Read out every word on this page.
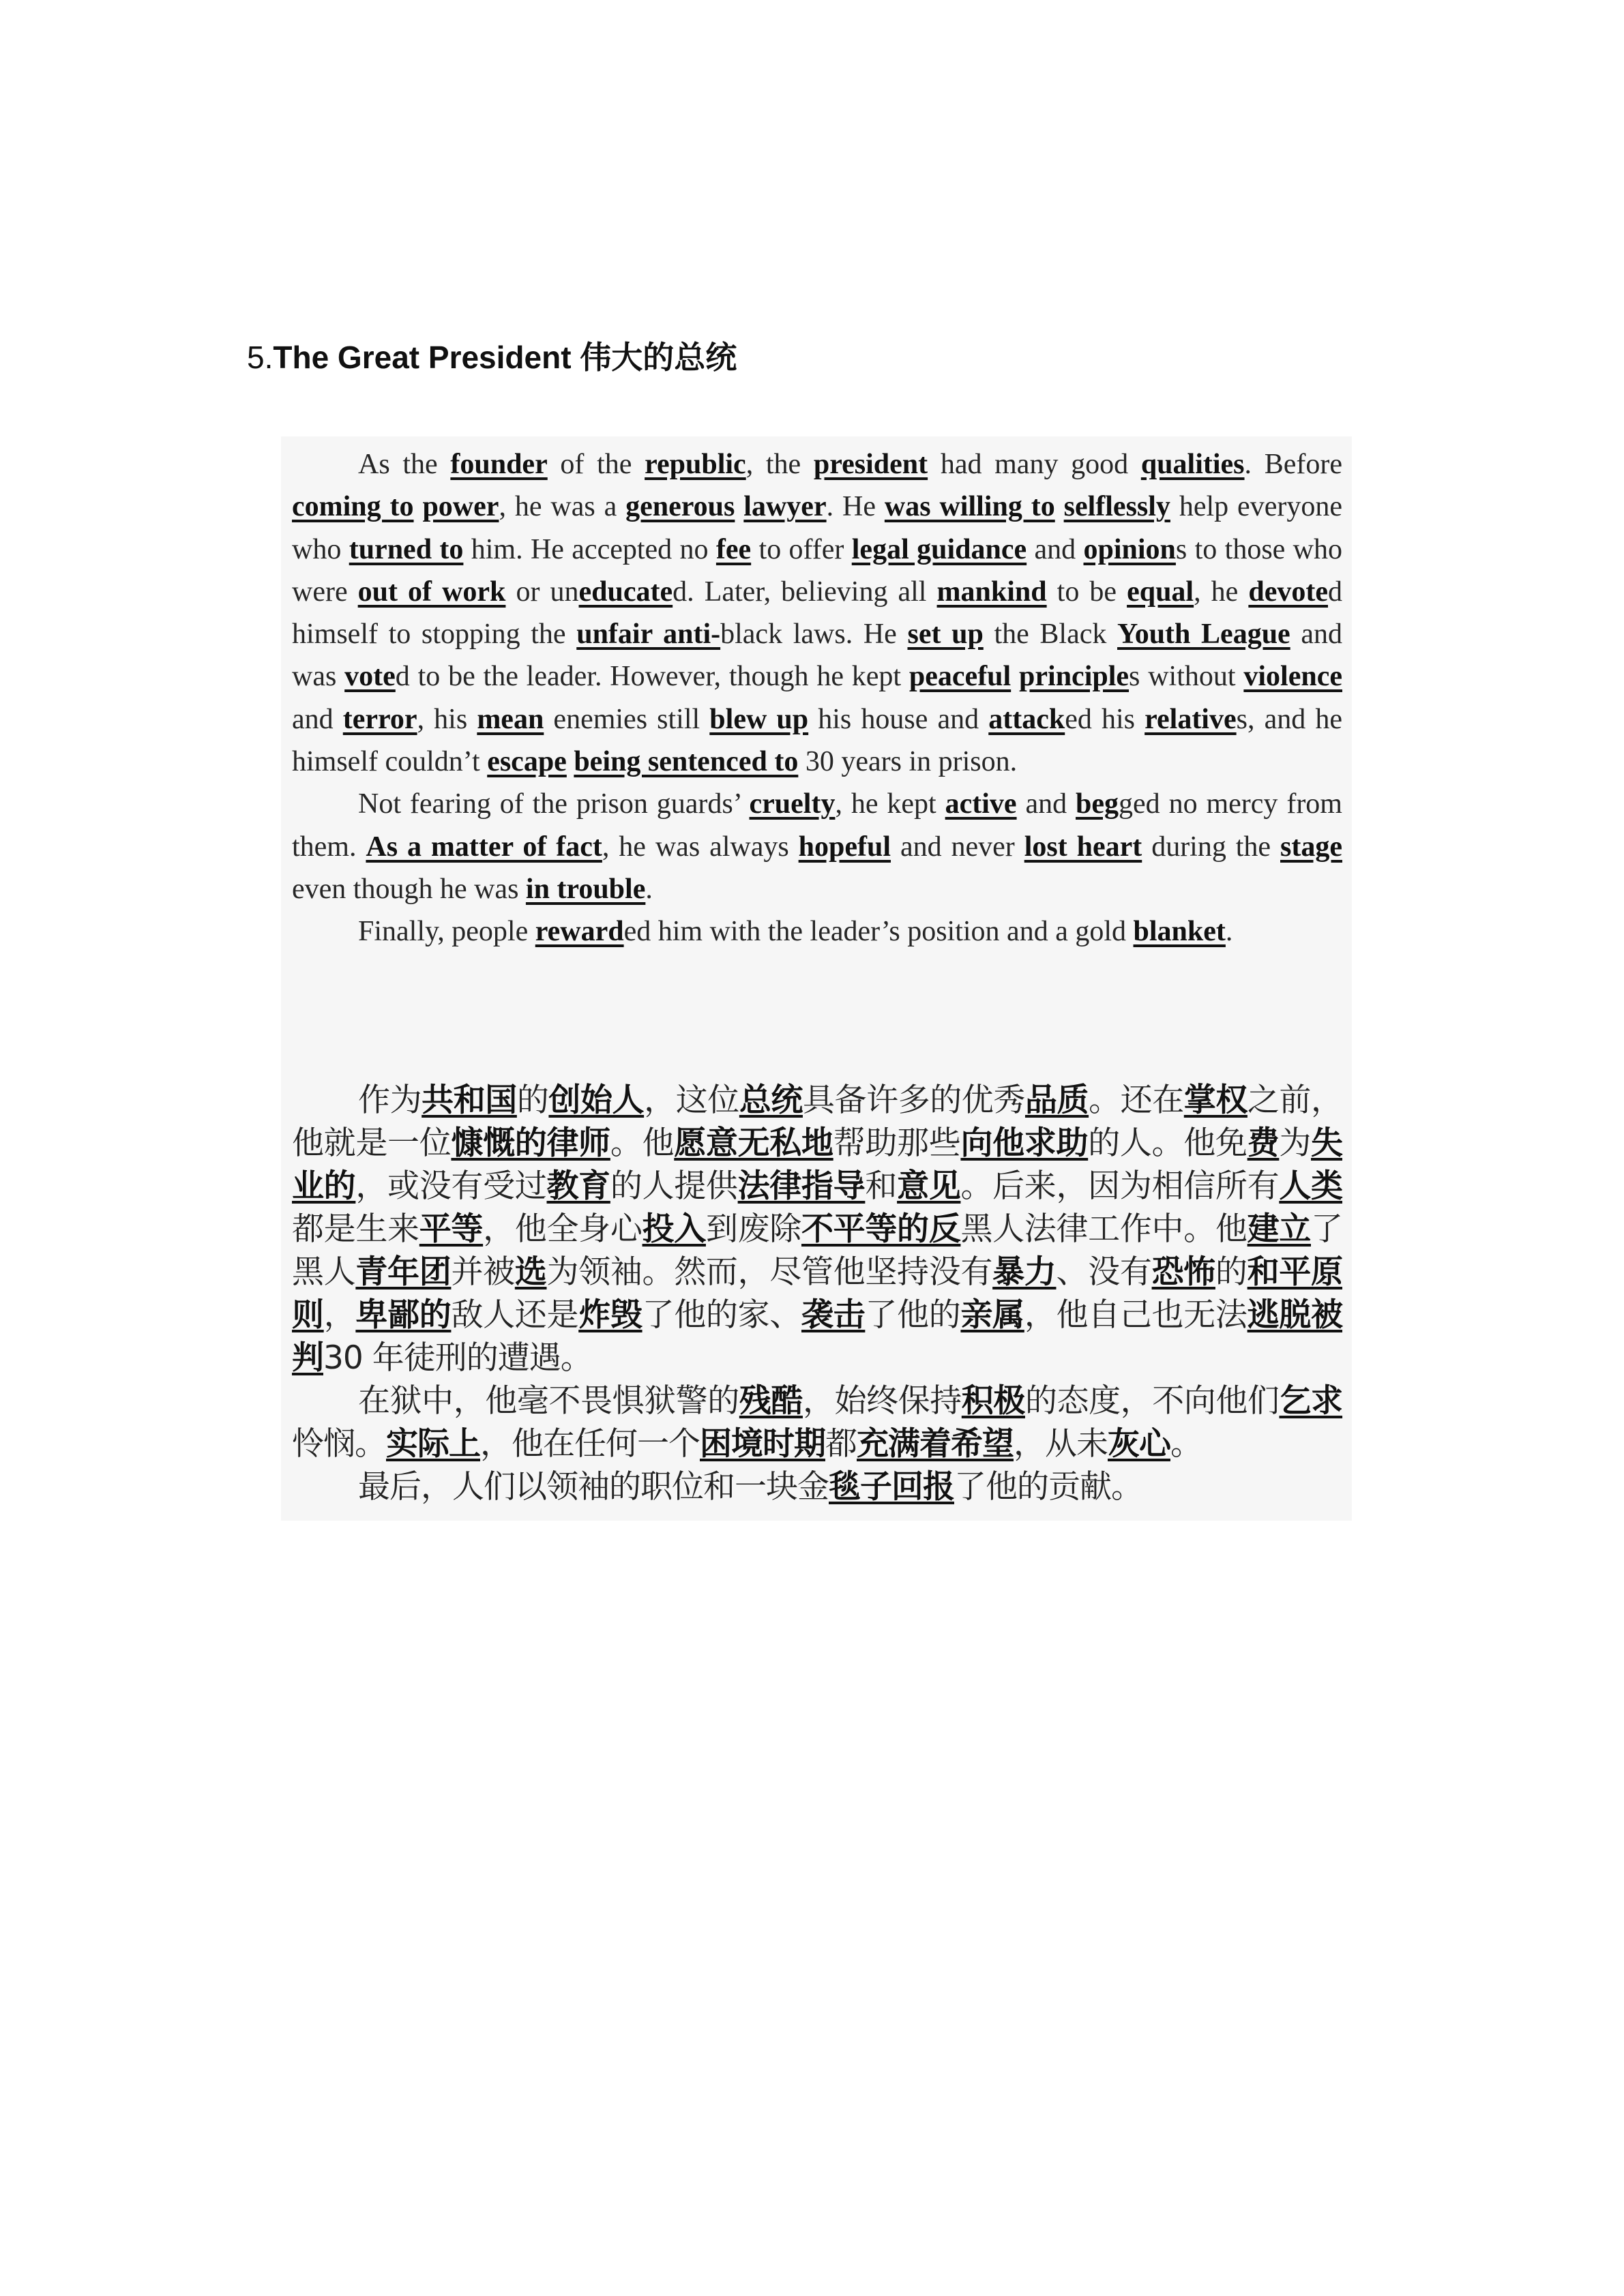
5.The Great President 伟大的总统

As the founder of the republic, the president had many good qualities. Before coming to power, he was a generous lawyer. He was willing to selflessly help everyone who turned to him. He accepted no fee to offer legal guidance and opinions to those who were out of work or uneducated. Later, believing all mankind to be equal, he devoted himself to stopping the unfair anti-black laws. He set up the Black Youth League and was voted to be the leader. However, though he kept peaceful principles without violence and terror, his mean enemies still blew up his house and attacked his relatives, and he himself couldn’t escape being sentenced to 30 years in prison.

Not fearing of the prison guards’ cruelty, he kept active and begged no mercy from them. As a matter of fact, he was always hopeful and never lost heart during the stage even though he was in trouble.

Finally, people rewarded him with the leader’s position and a gold blanket.

作为共和国的创始人，这位总统具备许多的优秀品质。还在掌权之前，他就是一位慷慨的律师。他愿意无私地帮助那些向他求助的人。他免费为失业的，或没有受过教育的人提供法律指导和意见。后来，因为相信所有人类都是生来平等，他全身心投入到废除不平等的反黑人法律工作中。他建立了黑人青年团并被选为领袖。然而，尽管他坚持没有暴力、没有恐怖的和平原则，卑鄙的敌人还是炸毁了他的家、袭击了他的亲属，他自己也无法逃脱被判30 年徒刑的遭遇。

在狱中，他毫不畏惧狱警的残酷，始终保持积极的态度，不向他们乞求怜悯。实际上，他在任何一个困境时期都充满着希望，从未灰心。

最后，人们以领袖的职位和一块金毯子回报了他的贡献。
